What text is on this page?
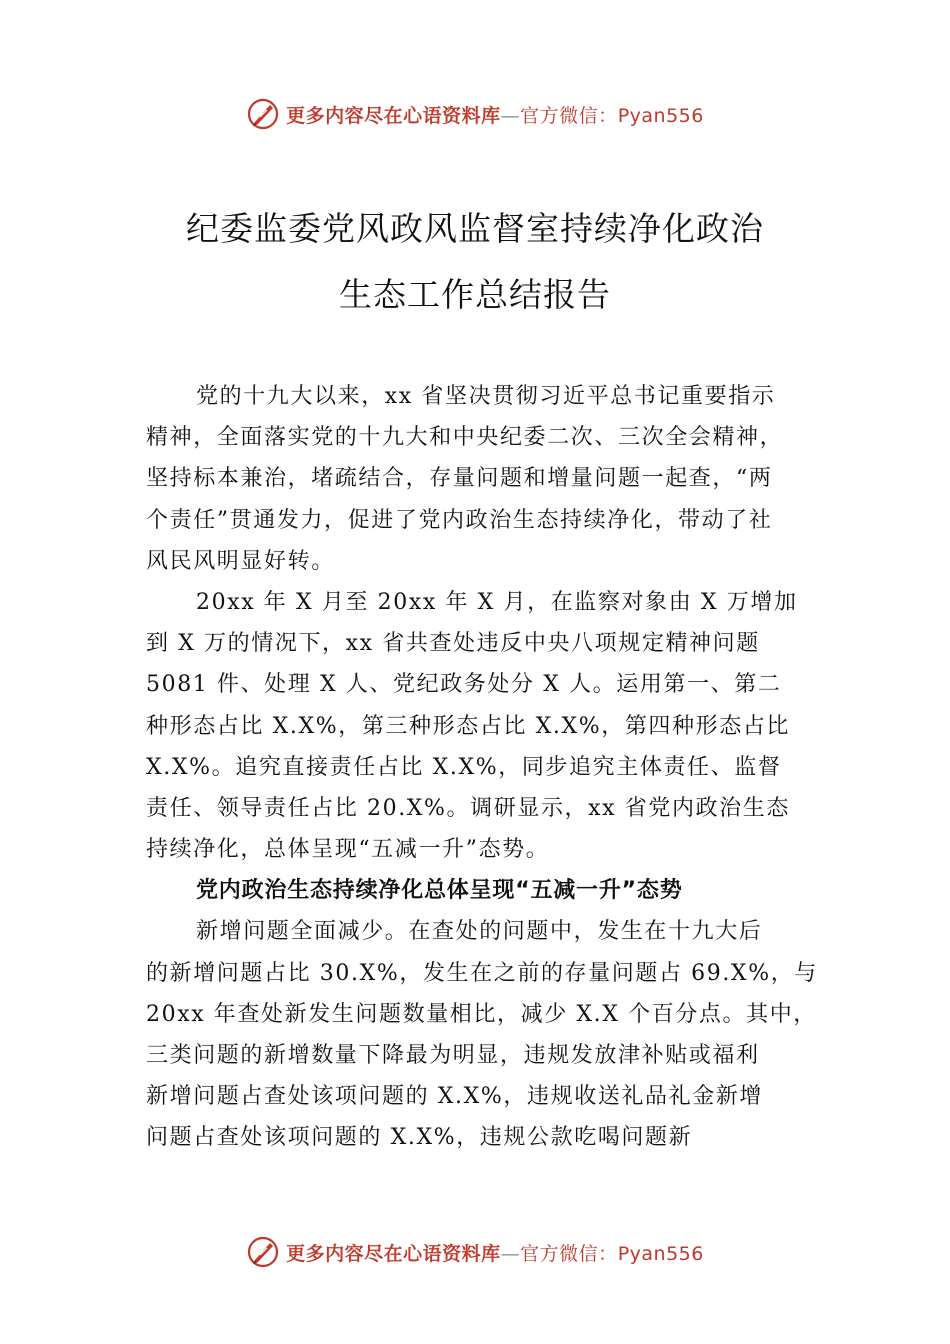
更多内容尽在心语资料库—官方微信：Pyan556
纪委监委党风政风监督室持续净化政治
生态工作总结报告
党的十九大以来，xx 省坚决贯彻习近平总书记重要指示
精神，全面落实党的十九大和中央纪委二次、三次全会精神，
坚持标本兼治，堵疏结合，存量问题和增量问题一起查，“两
个责任”贯通发力，促进了党内政治生态持续净化，带动了社
风民风明显好转。
20xx 年 X 月至 20xx 年 X 月，在监察对象由 X 万增加
到 X 万的情况下，xx 省共查处违反中央八项规定精神问题
5081 件、处理 X 人、党纪政务处分 X 人。运用第一、第二
种形态占比 X.X%，第三种形态占比 X.X%，第四种形态占比
X.X%。追究直接责任占比 X.X%，同步追究主体责任、监督
责任、领导责任占比 20.X%。调研显示，xx 省党内政治生态
持续净化，总体呈现“五减一升”态势。
党内政治生态持续净化总体呈现“五减一升”态势
新增问题全面减少。在查处的问题中，发生在十九大后
的新增问题占比 30.X%，发生在之前的存量问题占 69.X%，与
20xx 年查处新发生问题数量相比，减少 X.X 个百分点。其中，
三类问题的新增数量下降最为明显，违规发放津补贴或福利
新增问题占查处该项问题的 X.X%，违规收送礼品礼金新增
问题占查处该项问题的 X.X%，违规公款吃喝问题新
更多内容尽在心语资料库—官方微信：Pyan556
